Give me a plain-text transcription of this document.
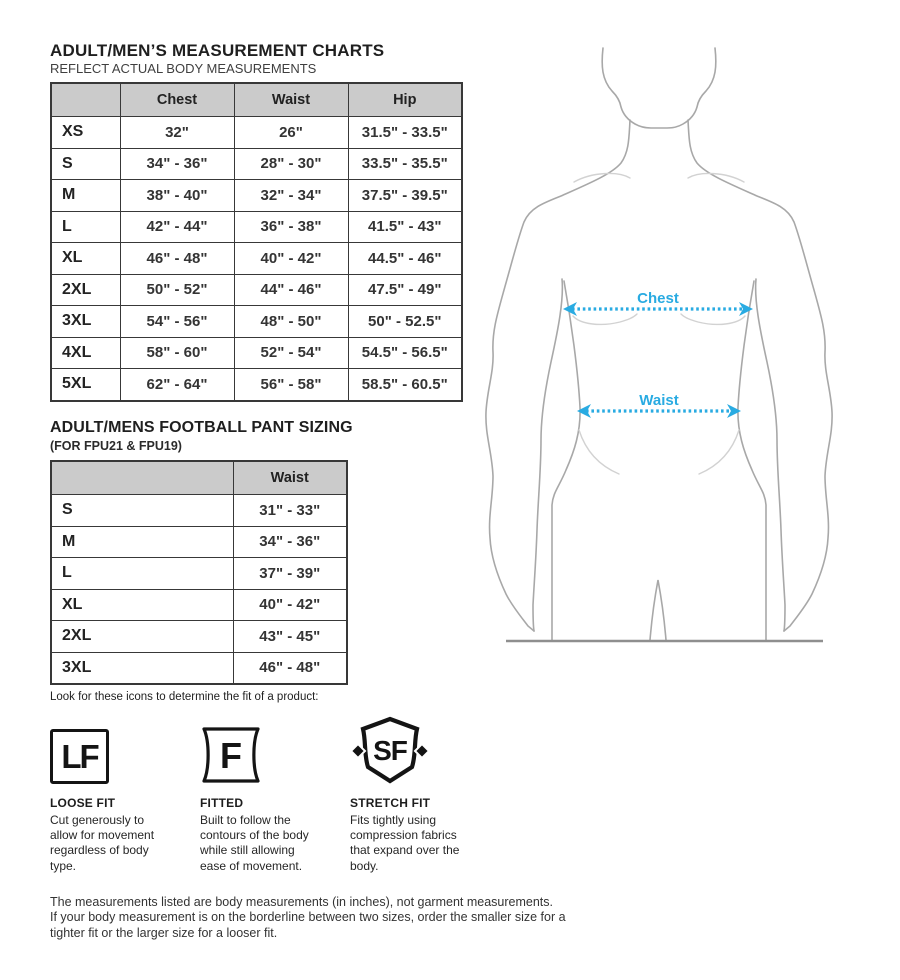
ADULT/MEN’S MEASUREMENT CHARTS
REFLECT ACTUAL BODY MEASUREMENTS
	Chest	Waist	Hip
XS	32"	26"	31.5" - 33.5"
S	34" - 36"	28" - 30"	33.5" - 35.5"
M	38" - 40"	32" - 34"	37.5" - 39.5"
L	42" - 44"	36" - 38"	41.5" - 43"
XL	46" - 48"	40" - 42"	44.5" - 46"
2XL	50" - 52"	44" - 46"	47.5" - 49"
3XL	54" - 56"	48" - 50"	50" - 52.5"
4XL	58" - 60"	52" - 54"	54.5" - 56.5"
5XL	62" - 64"	56" - 58"	58.5" - 60.5"
ADULT/MENS FOOTBALL PANT SIZING
(FOR FPU21 & FPU19)
	Waist
S	31" - 33"
M	34" - 36"
L	37" - 39"
XL	40" - 42"
2XL	43" - 45"
3XL	46" - 48"
Look for these icons to determine the fit of a product:
LF
LOOSE FIT
Cut generously to allow for movement regardless of body type.
F
FITTED
Built to follow the contours of the body while still allowing ease of movement.
SF
STRETCH FIT
Fits tightly using compression fabrics that expand over the body.
The measurements listed are body measurements (in inches), not garment measurements.
If your body measurement is on the borderline between two sizes, order the smaller size for a tighter fit or the larger size for a looser fit.
Chest
Waist
